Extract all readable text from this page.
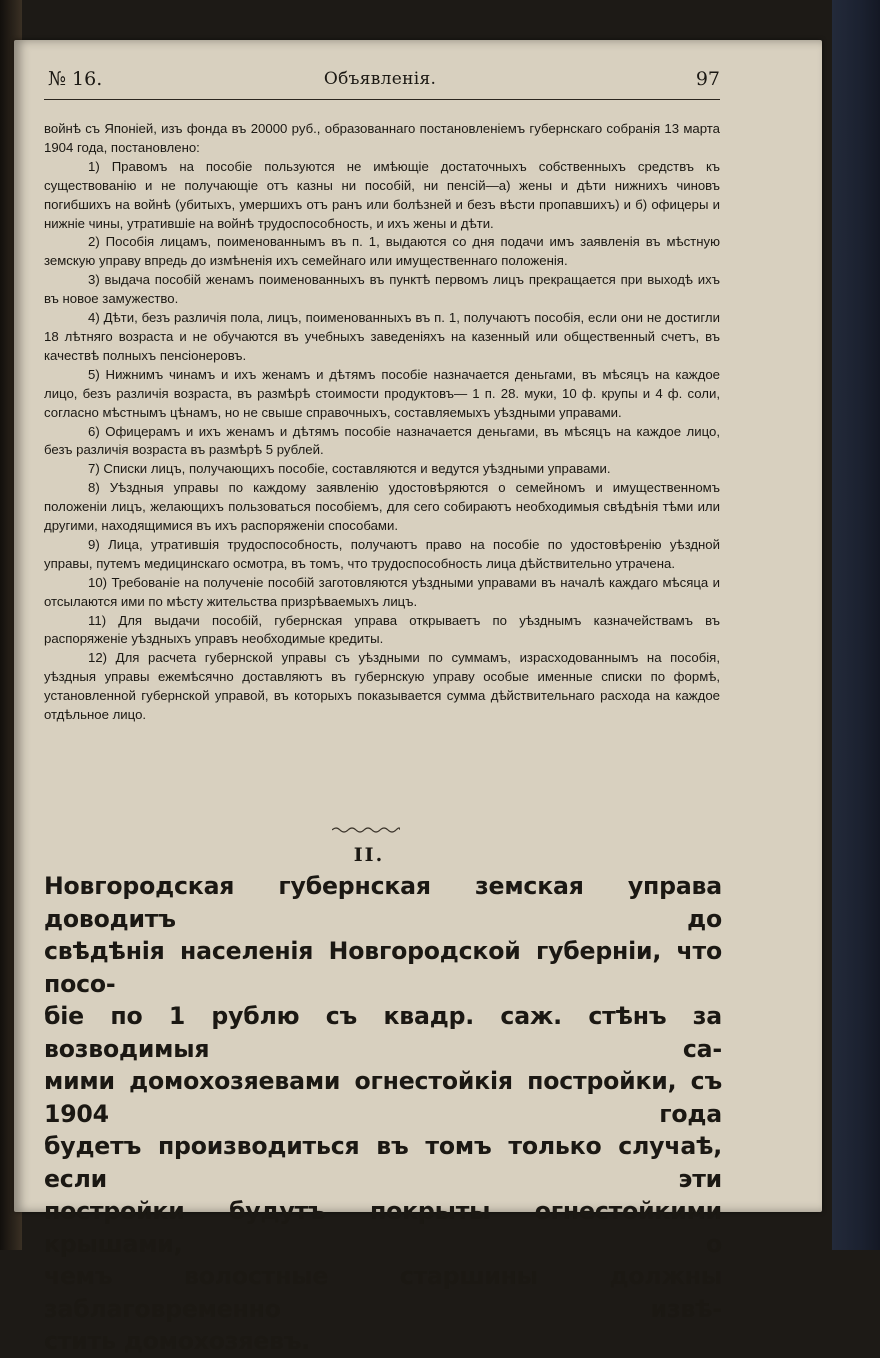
№ 16.	Объявленія.	97

войнѣ съ Японіей, изъ фонда въ 20000 руб., образованнаго постановленіемъ губернскаго собранія 13 марта 1904 года, постановлено:

1) Правомъ на пособіе пользуются не имѣющіе достаточныхъ собственныхъ средствъ къ существованію и не получающіе отъ казны ни пособій, ни пенсій—а) жены и дѣти нижнихъ чиновъ погибшихъ на войнѣ (убитыхъ, умершихъ отъ ранъ или болѣзней и безъ вѣсти пропавшихъ) и б) офицеры и нижніе чины, утратившіе на войнѣ трудоспособность, и ихъ жены и дѣти.

2) Пособія лицамъ, поименованнымъ въ п. 1, выдаются со дня подачи имъ заявленія въ мѣстную земскую управу впредь до измѣненія ихъ семейнаго или имущественнаго положенія.

3) выдача пособій женамъ поименованныхъ въ пунктѣ первомъ лицъ прекращается при выходѣ ихъ въ новое замужество.

4) Дѣти, безъ различія пола, лицъ, поименованныхъ въ п. 1, получаютъ пособія, если они не достигли 18 лѣтняго возраста и не обучаются въ учебныхъ заведеніяхъ на казенный или общественный счетъ, въ качествѣ полныхъ пенсіонеровъ.

5) Нижнимъ чинамъ и ихъ женамъ и дѣтямъ пособіе назначается деньгами, въ мѣсяцъ на каждое лицо, безъ различія возраста, въ размѣрѣ стоимости продуктовъ— 1 п. 28. муки, 10 ф. крупы и 4 ф. соли, согласно мѣстнымъ цѣнамъ, но не свыше справочныхъ, составляемыхъ уѣздными управами.

6) Офицерамъ и ихъ женамъ и дѣтямъ пособіе назначается деньгами, въ мѣсяцъ на каждое лицо, безъ различія возраста въ размѣрѣ 5 рублей.

7) Списки лицъ, получающихъ пособіе, составляются и ведутся уѣздными управами.

8) Уѣздныя управы по каждому заявленію удостовѣряются о семейномъ и имущественномъ положеніи лицъ, желающихъ пользоваться пособіемъ, для сего собираютъ необходимыя свѣдѣнія тѣми или другими, находящимися въ ихъ распоряженіи способами.

9) Лица, утратившія трудоспособность, получаютъ право на пособіе по удостовѣренію уѣздной управы, путемъ медицинскаго осмотра, въ томъ, что трудоспособность лица дѣйствительно утрачена.

10) Требованіе на полученіе пособій заготовляются уѣздными управами въ началѣ каждаго мѣсяца и отсылаются ими по мѣсту жительства призрѣваемыхъ лицъ.

11) Для выдачи пособій, губернская управа открываетъ по уѣзднымъ казначействамъ въ распоряженіе уѣздныхъ управъ необходимые кредиты.

12) Для расчета губернской управы съ уѣздными по суммамъ, израсходованнымъ на пособія, уѣздныя управы ежемѣсячно доставляютъ въ губернскую управу особые именные списки по формѣ, установленной губернской управой, въ которыхъ показывается сумма дѣйствительнаго расхода на каждое отдѣльное лицо.

II.
Новгородская губернская земская управа доводитъ до
свѣдѣнія населенія Новгородской губерніи, что посо-
біе по 1 рублю съ квадр. саж. стѣнъ за возводимыя са-
мими домохозяевами огнестойкія постройки, съ 1904 года
будетъ производиться въ томъ только случаѣ, если эти
постройки будутъ покрыты огнестойкими крышами, о
чемъ волостные старшины должны заблаговременно извѣ-
стить домохозяевъ.
